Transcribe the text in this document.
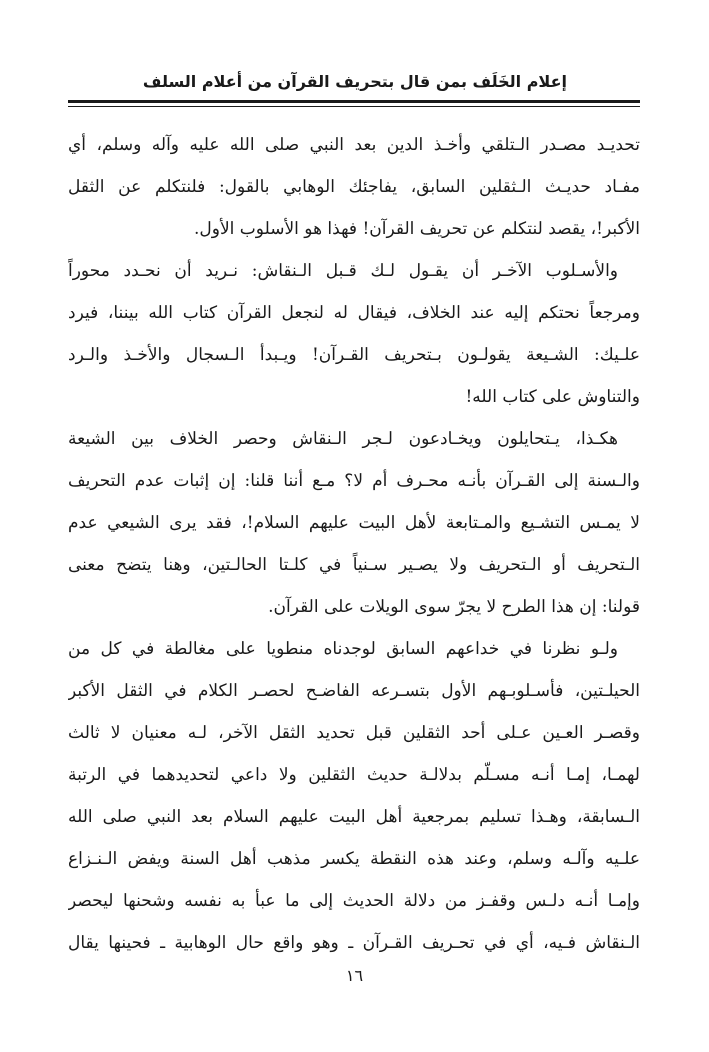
إعلام الخَلَف بمن قال بتحريف القرآن من أعلام السلف
تحديـد مصـدر الـتلقي وأخـذ الدين بعد النبي صلى الله عليه وآله وسلم، أي
مفـاد حديـث الـثقلين السابق، يفاجئك الوهابي بالقول: فلنتكلم عن الثقل
الأكبر!، يقصد لنتكلم عن تحريف القرآن! فهذا هو الأسلوب الأول.
والأسـلوب الآخـر أن يقـول لـك قـبل الـنقاش: نـريد أن نحـدد محوراً
ومرجعاً نحتكم إليه عند الخلاف، فيقال له لنجعل القرآن كتاب الله بيننا، فيرد
علـيك: الشـيعة يقولـون بـتحريف القـرآن! ويـبدأ الـسجال والأخـذ والـرد
والتناوش على كتاب الله!
هكـذا، يـتحايلون ويخـادعون لـجر الـنقاش وحصر الخلاف بين الشيعة
والـسنة إلى القـرآن بأنـه محـرف أم لا؟ مـع أننا قلنا: إن إثبات عدم التحريف
لا يمـس التشـيع والمـتابعة لأهل البيت عليهم السلام!، فقد يرى الشيعي عدم
الـتحريف أو الـتحريف ولا يصـير سـنياً في كلـتا الحالـتين، وهنا يتضح معنى
قولنا: إن هذا الطرح لا يجرّ سوى الويلات على القرآن.
ولـو نظرنا في خداعهم السابق لوجدناه منطويا على مغالطة في كل من
الحيلـتين، فأسـلوبـهم الأول بتسـرعه الفاضـح لحصـر الكلام في الثقل الأكبر
وقصـر العـين عـلى أحد الثقلين قبل تحديد الثقل الآخر، لـه معنيان لا ثالث
لهمـا، إمـا أنـه مسـلّم بدلالـة حديث الثقلين ولا داعي لتحديدهما في الرتبة
الـسابقة، وهـذا تسليم بمرجعية أهل البيت عليهم السلام بعد النبي صلى الله
علـيه وآلـه وسلم، وعند هذه النقطة يكسر مذهب أهل السنة ويفض الـنـزاع
وإمـا أنـه دلـس وقفـز من دلالة الحديث إلى ما عبأ به نفسه وشحنها ليحصر
الـنقاش فـيه، أي في تحـريف القـرآن ـ وهو واقع حال الوهابية ـ فحينها يقال
١٦
